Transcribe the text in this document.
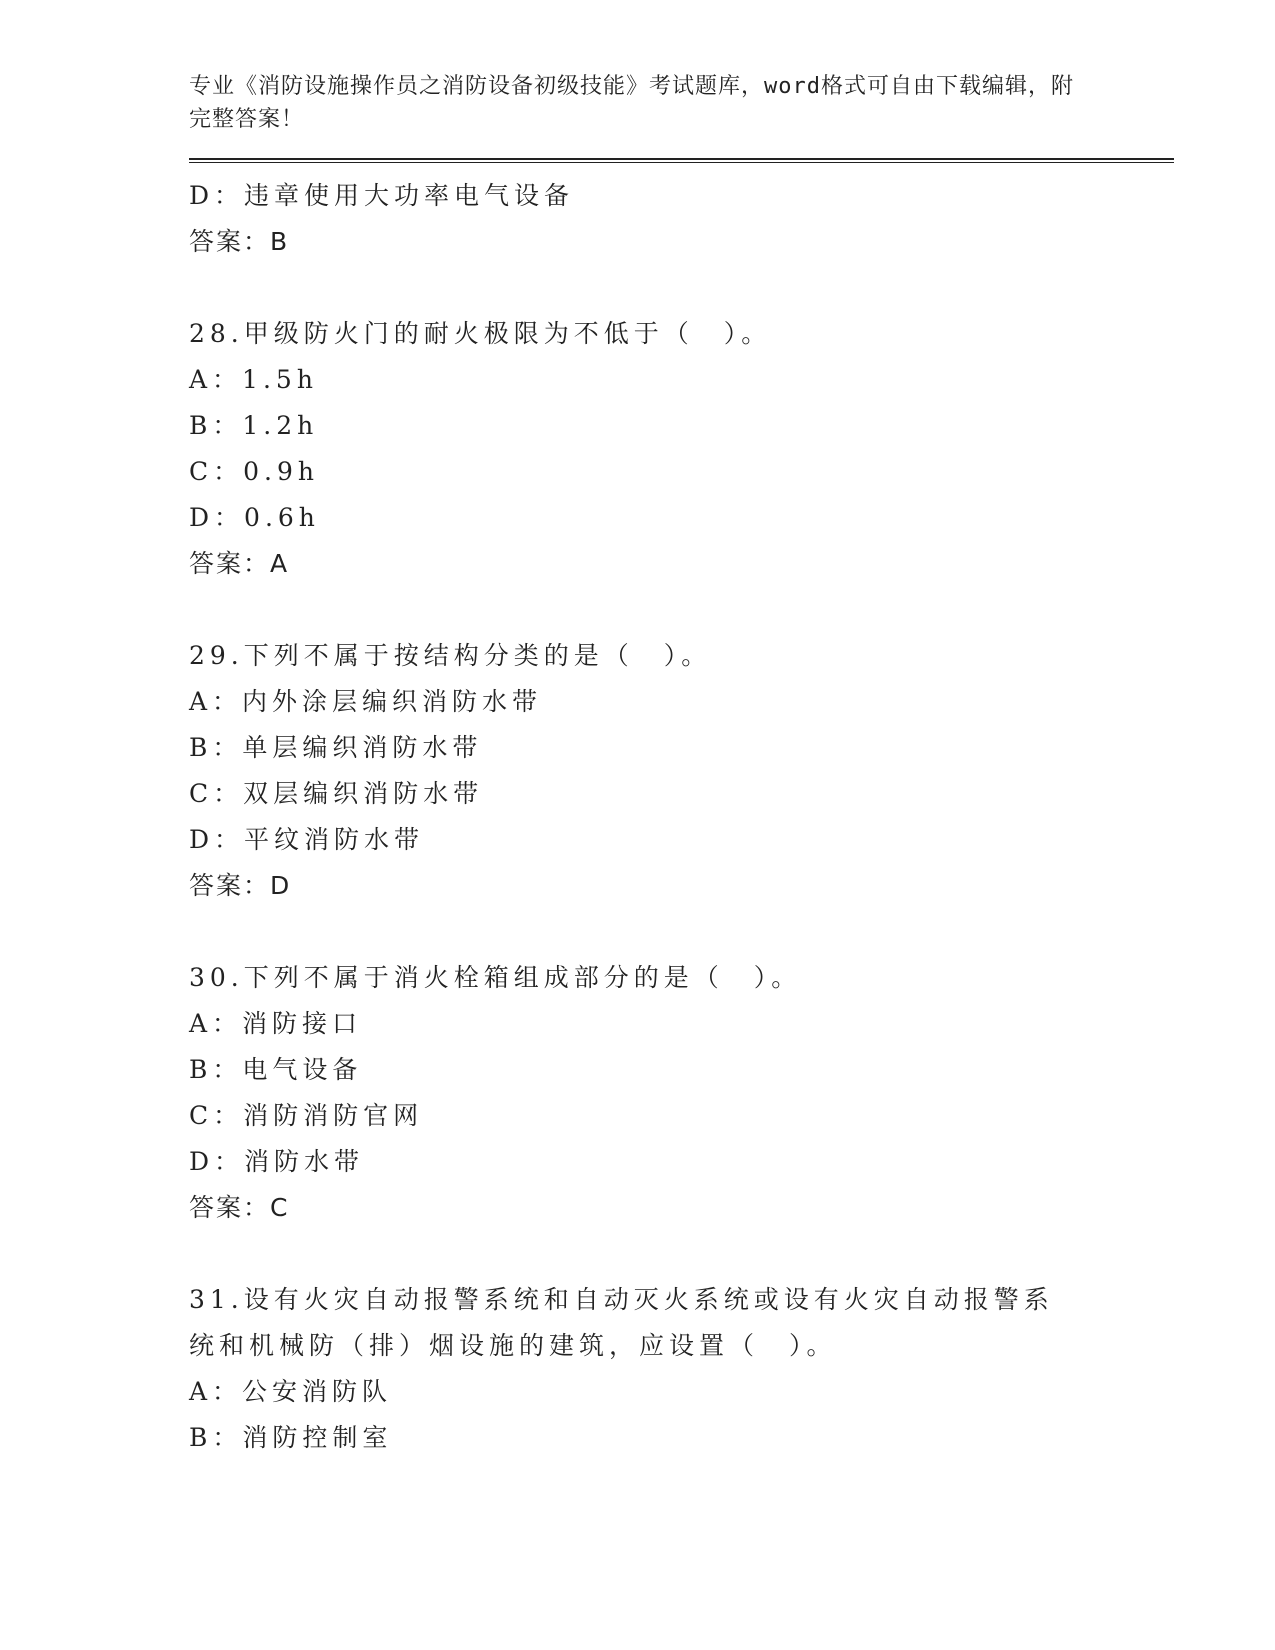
专业《消防设施操作员之消防设备初级技能》考试题库，word格式可自由下载编辑，附完整答案！
D：违章使用大功率电气设备
答案：B
28.甲级防火门的耐火极限为不低于（　）。
A：1.5h
B：1.2h
C：0.9h
D：0.6h
答案：A
29.下列不属于按结构分类的是（　）。
A：内外涂层编织消防水带
B：单层编织消防水带
C：双层编织消防水带
D：平纹消防水带
答案：D
30.下列不属于消火栓箱组成部分的是（　）。
A：消防接口
B：电气设备
C：消防消防官网
D：消防水带
答案：C
31.设有火灾自动报警系统和自动灭火系统或设有火灾自动报警系统和机械防（排）烟设施的建筑，应设置（　）。
A：公安消防队
B：消防控制室
